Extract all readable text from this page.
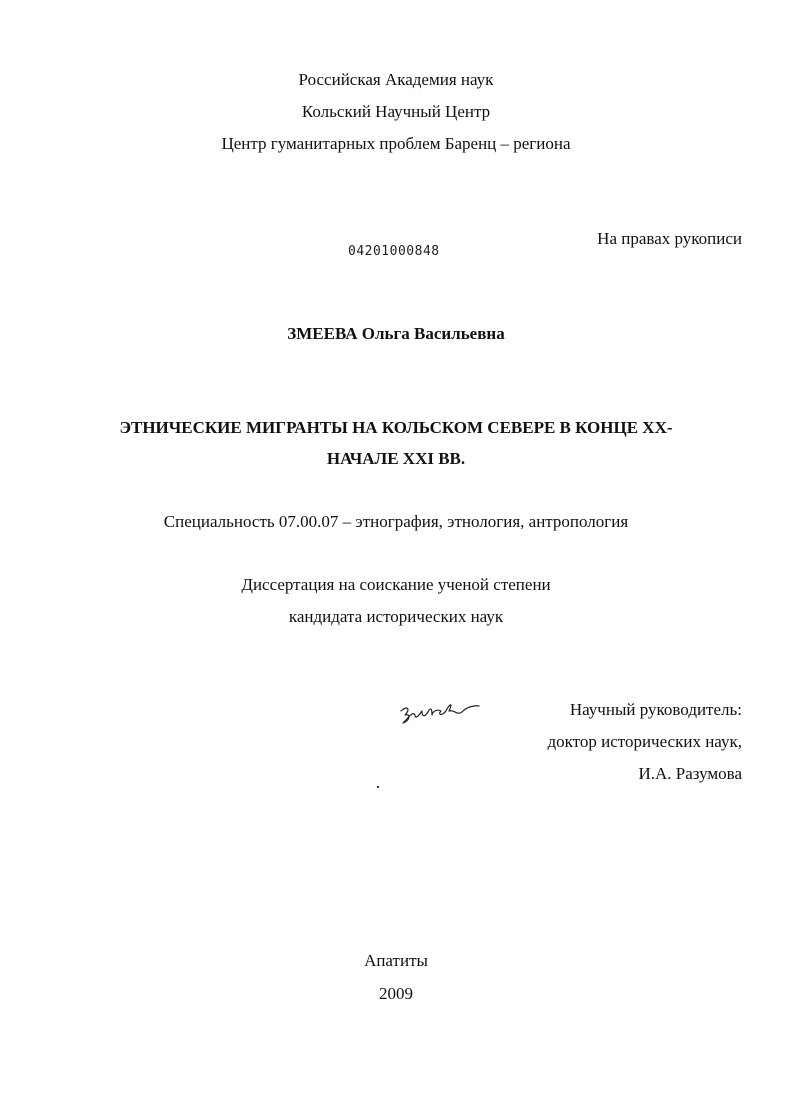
Российская Академия наук
Кольский Научный Центр
Центр гуманитарных проблем Баренц – региона
На правах рукописи
04201000848
ЗМЕЕВА Ольга Васильевна
ЭТНИЧЕСКИЕ МИГРАНТЫ НА КОЛЬСКОМ СЕВЕРЕ В КОНЦЕ ХХ-
НАЧАЛЕ XXI ВВ.
Специальность 07.00.07 – этнография, этнология, антропология
Диссертация на соискание ученой степени
кандидата исторических наук
Научный руководитель:
доктор исторических наук,
И.А. Разумова
Апатиты
2009
